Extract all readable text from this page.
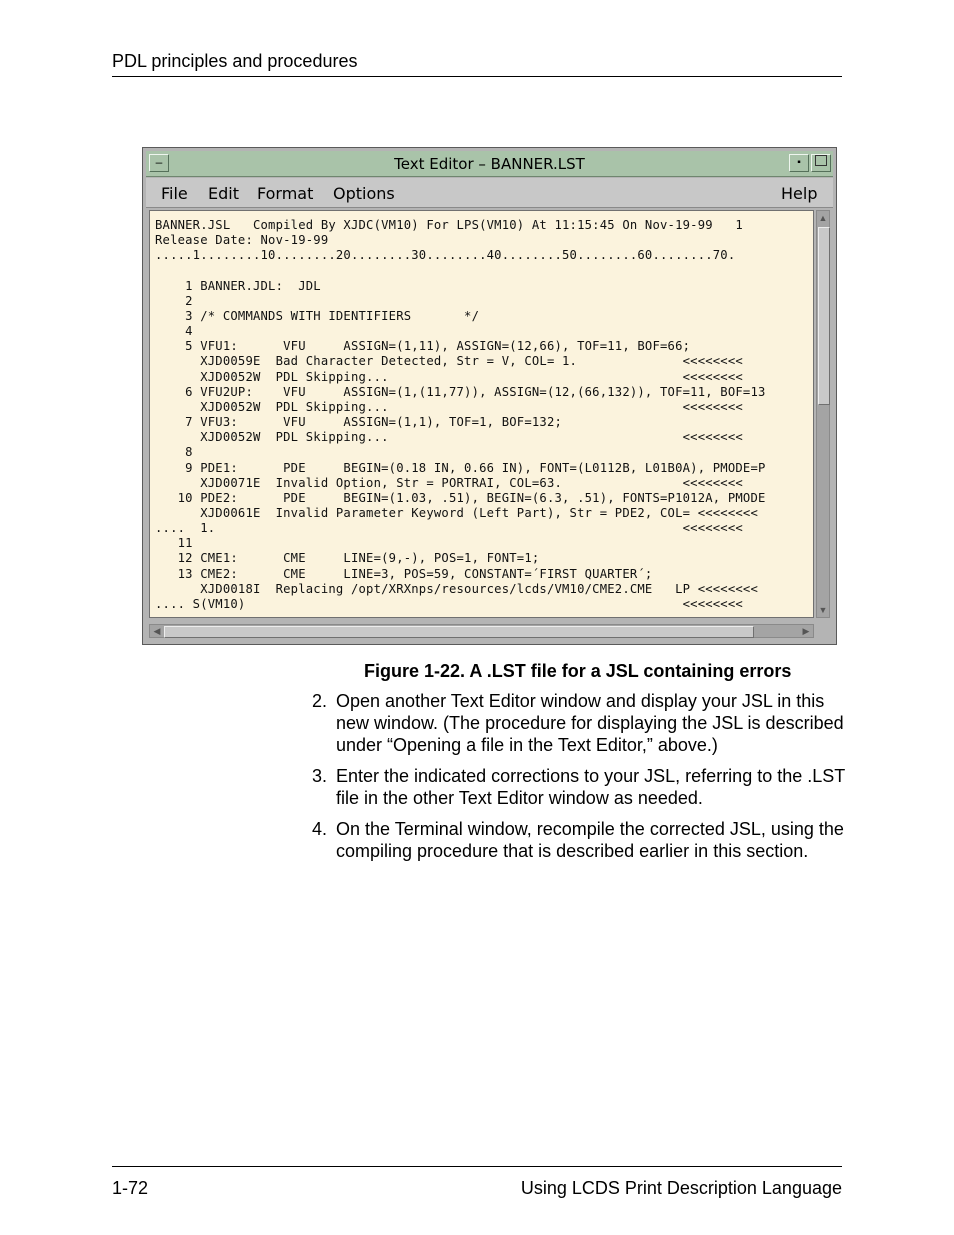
PDL principles and procedures
–	Text Editor – BANNER.LST	▪
File Edit Format Options	Help
BANNER.JSL   Compiled By XJDC(VM10) For LPS(VM10) At 11:15:45 On Nov-19-99   1
Release Date: Nov-19-99
.....1........10........20........30........40........50........60........70.

1 BANNER.JDL:  JDL
2
3 /* COMMANDS WITH IDENTIFIERS       */
4
5 VFU1:      VFU     ASSIGN=(1,11), ASSIGN=(12,66), TOF=11, BOF=66;
XJD0059E  Bad Character Detected, Str = V, COL= 1.              <<<<<<<<
XJD0052W  PDL Skipping...                                       <<<<<<<<
6 VFU2UP:    VFU     ASSIGN=(1,(11,77)), ASSIGN=(12,(66,132)), TOF=11, BOF=13
XJD0052W  PDL Skipping...                                       <<<<<<<<
7 VFU3:      VFU     ASSIGN=(1,1), TOF=1, BOF=132;
XJD0052W  PDL Skipping...                                       <<<<<<<<
8
9 PDE1:      PDE     BEGIN=(0.18 IN, 0.66 IN), FONT=(L0112B, L01B0A), PMODE=P
XJD0071E  Invalid Option, Str = PORTRAI, COL=63.                <<<<<<<<
10 PDE2:      PDE     BEGIN=(1.03, .51), BEGIN=(6.3, .51), FONTS=P1012A, PMODE
XJD0061E  Invalid Parameter Keyword (Left Part), Str = PDE2, COL= <<<<<<<<
....  1.                                                              <<<<<<<<
11
12 CME1:      CME     LINE=(9,-), POS=1, FONT=1;
13 CME2:      CME     LINE=3, POS=59, CONSTANT=´FIRST QUARTER´;
XJD0018I  Replacing /opt/XRXnps/resources/lcds/VM10/CME2.CME   LP <<<<<<<<
.... S(VM10)                                                          <<<<<<<<
▲
▼
◀	▶
Figure 1-22. A .LST file for a JSL containing errors
2. Open another Text Editor window and display your JSL in this new window. (The procedure for displaying the JSL is described under “Opening a file in the Text Editor,” above.)
3. Enter the indicated corrections to your JSL, referring to the .LST file in the other Text Editor window as needed.
4. On the Terminal window, recompile the corrected JSL, using the compiling procedure that is described earlier in this section.
1-72	Using LCDS Print Description Language
